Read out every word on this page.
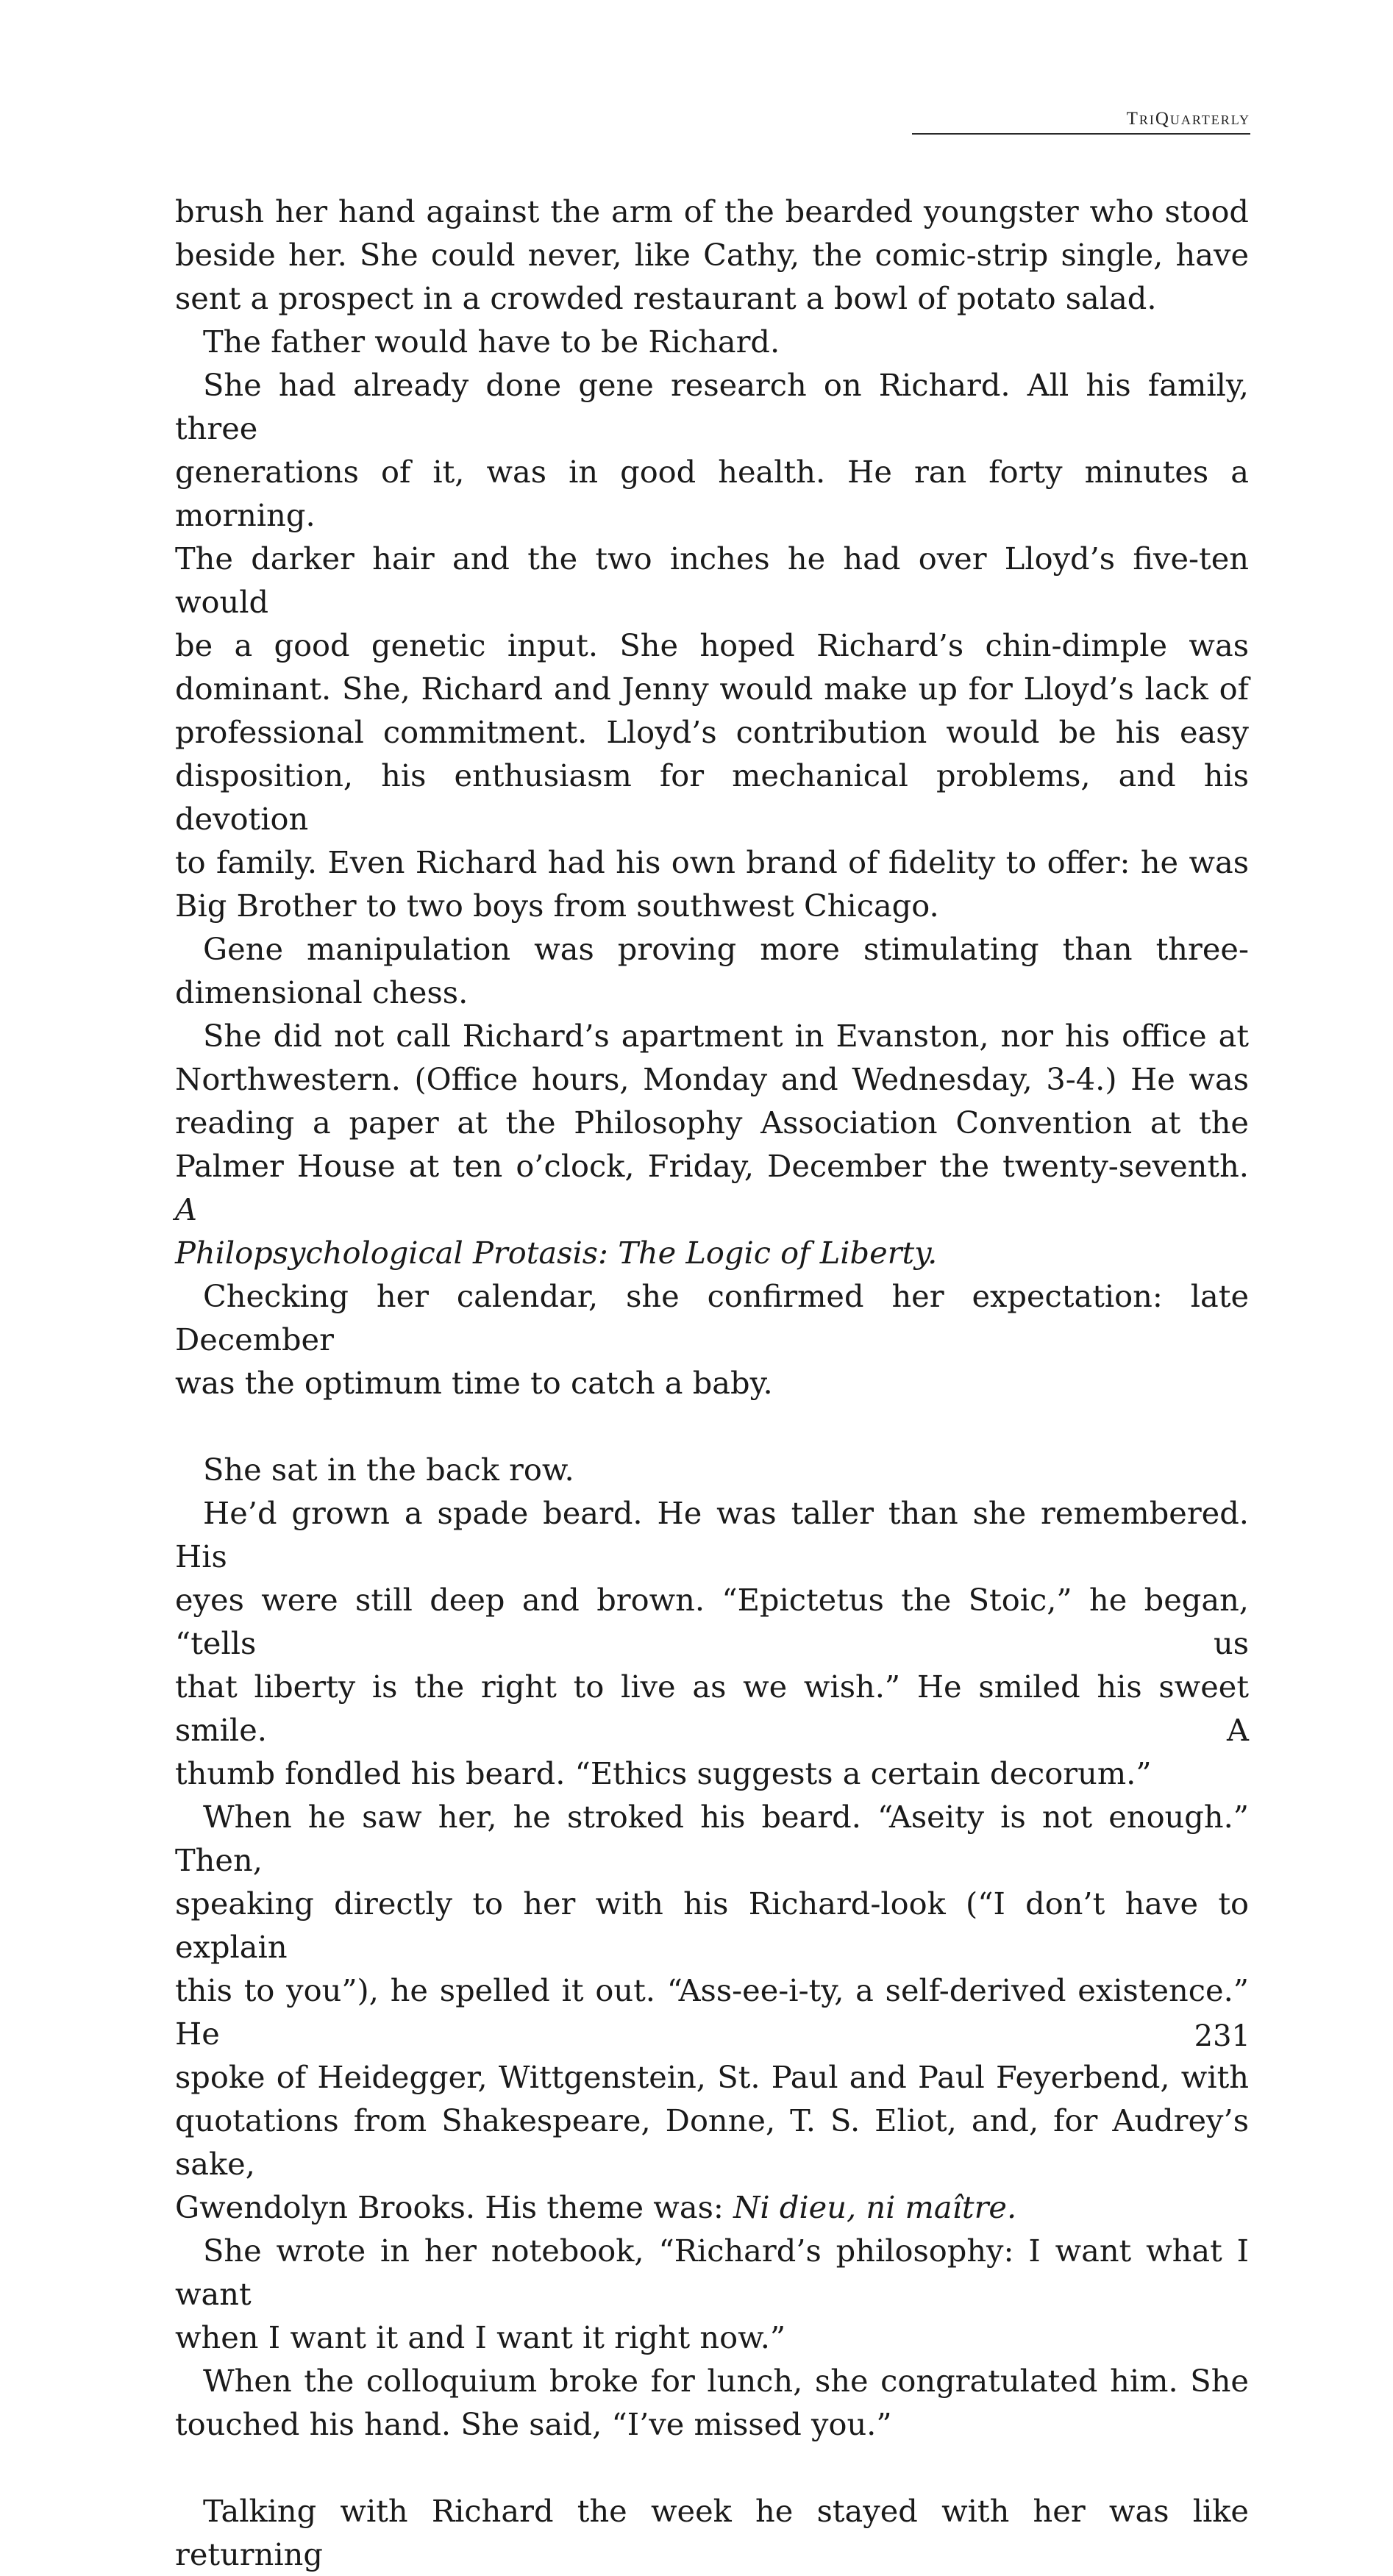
TriQuarterly
brush her hand against the arm of the bearded youngster who stood
beside her. She could never, like Cathy, the comic-strip single, have
sent a prospect in a crowded restaurant a bowl of potato salad.
The father would have to be Richard.
She had already done gene research on Richard. All his family, three
generations of it, was in good health. He ran forty minutes a morning.
The darker hair and the two inches he had over Lloyd’s five-ten would
be a good genetic input. She hoped Richard’s chin-dimple was
dominant. She, Richard and Jenny would make up for Lloyd’s lack of
professional commitment. Lloyd’s contribution would be his easy
disposition, his enthusiasm for mechanical problems, and his devotion
to family. Even Richard had his own brand of fidelity to offer: he was
Big Brother to two boys from southwest Chicago.
Gene manipulation was proving more stimulating than three-
dimensional chess.
She did not call Richard’s apartment in Evanston, nor his office at
Northwestern. (Office hours, Monday and Wednesday, 3-4.) He was
reading a paper at the Philosophy Association Convention at the
Palmer House at ten o’clock, Friday, December the twenty-seventh. A
Philopsychological Protasis: The Logic of Liberty.
Checking her calendar, she confirmed her expectation: late December
was the optimum time to catch a baby.
She sat in the back row.
He’d grown a spade beard. He was taller than she remembered. His
eyes were still deep and brown. “Epictetus the Stoic,” he began, “tells us
that liberty is the right to live as we wish.” He smiled his sweet smile. A
thumb fondled his beard. “Ethics suggests a certain decorum.”
When he saw her, he stroked his beard. “Aseity is not enough.” Then,
speaking directly to her with his Richard-look (“I don’t have to explain
this to you”), he spelled it out. “Ass-ee-i-ty, a self-derived existence.” He
spoke of Heidegger, Wittgenstein, St. Paul and Paul Feyerbend, with
quotations from Shakespeare, Donne, T. S. Eliot, and, for Audrey’s sake,
Gwendolyn Brooks. His theme was: Ni dieu, ni maître.
She wrote in her notebook, “Richard’s philosophy: I want what I want
when I want it and I want it right now.”
When the colloquium broke for lunch, she congratulated him. She
touched his hand. She said, “I’ve missed you.”
Talking with Richard the week he stayed with her was like returning
231
